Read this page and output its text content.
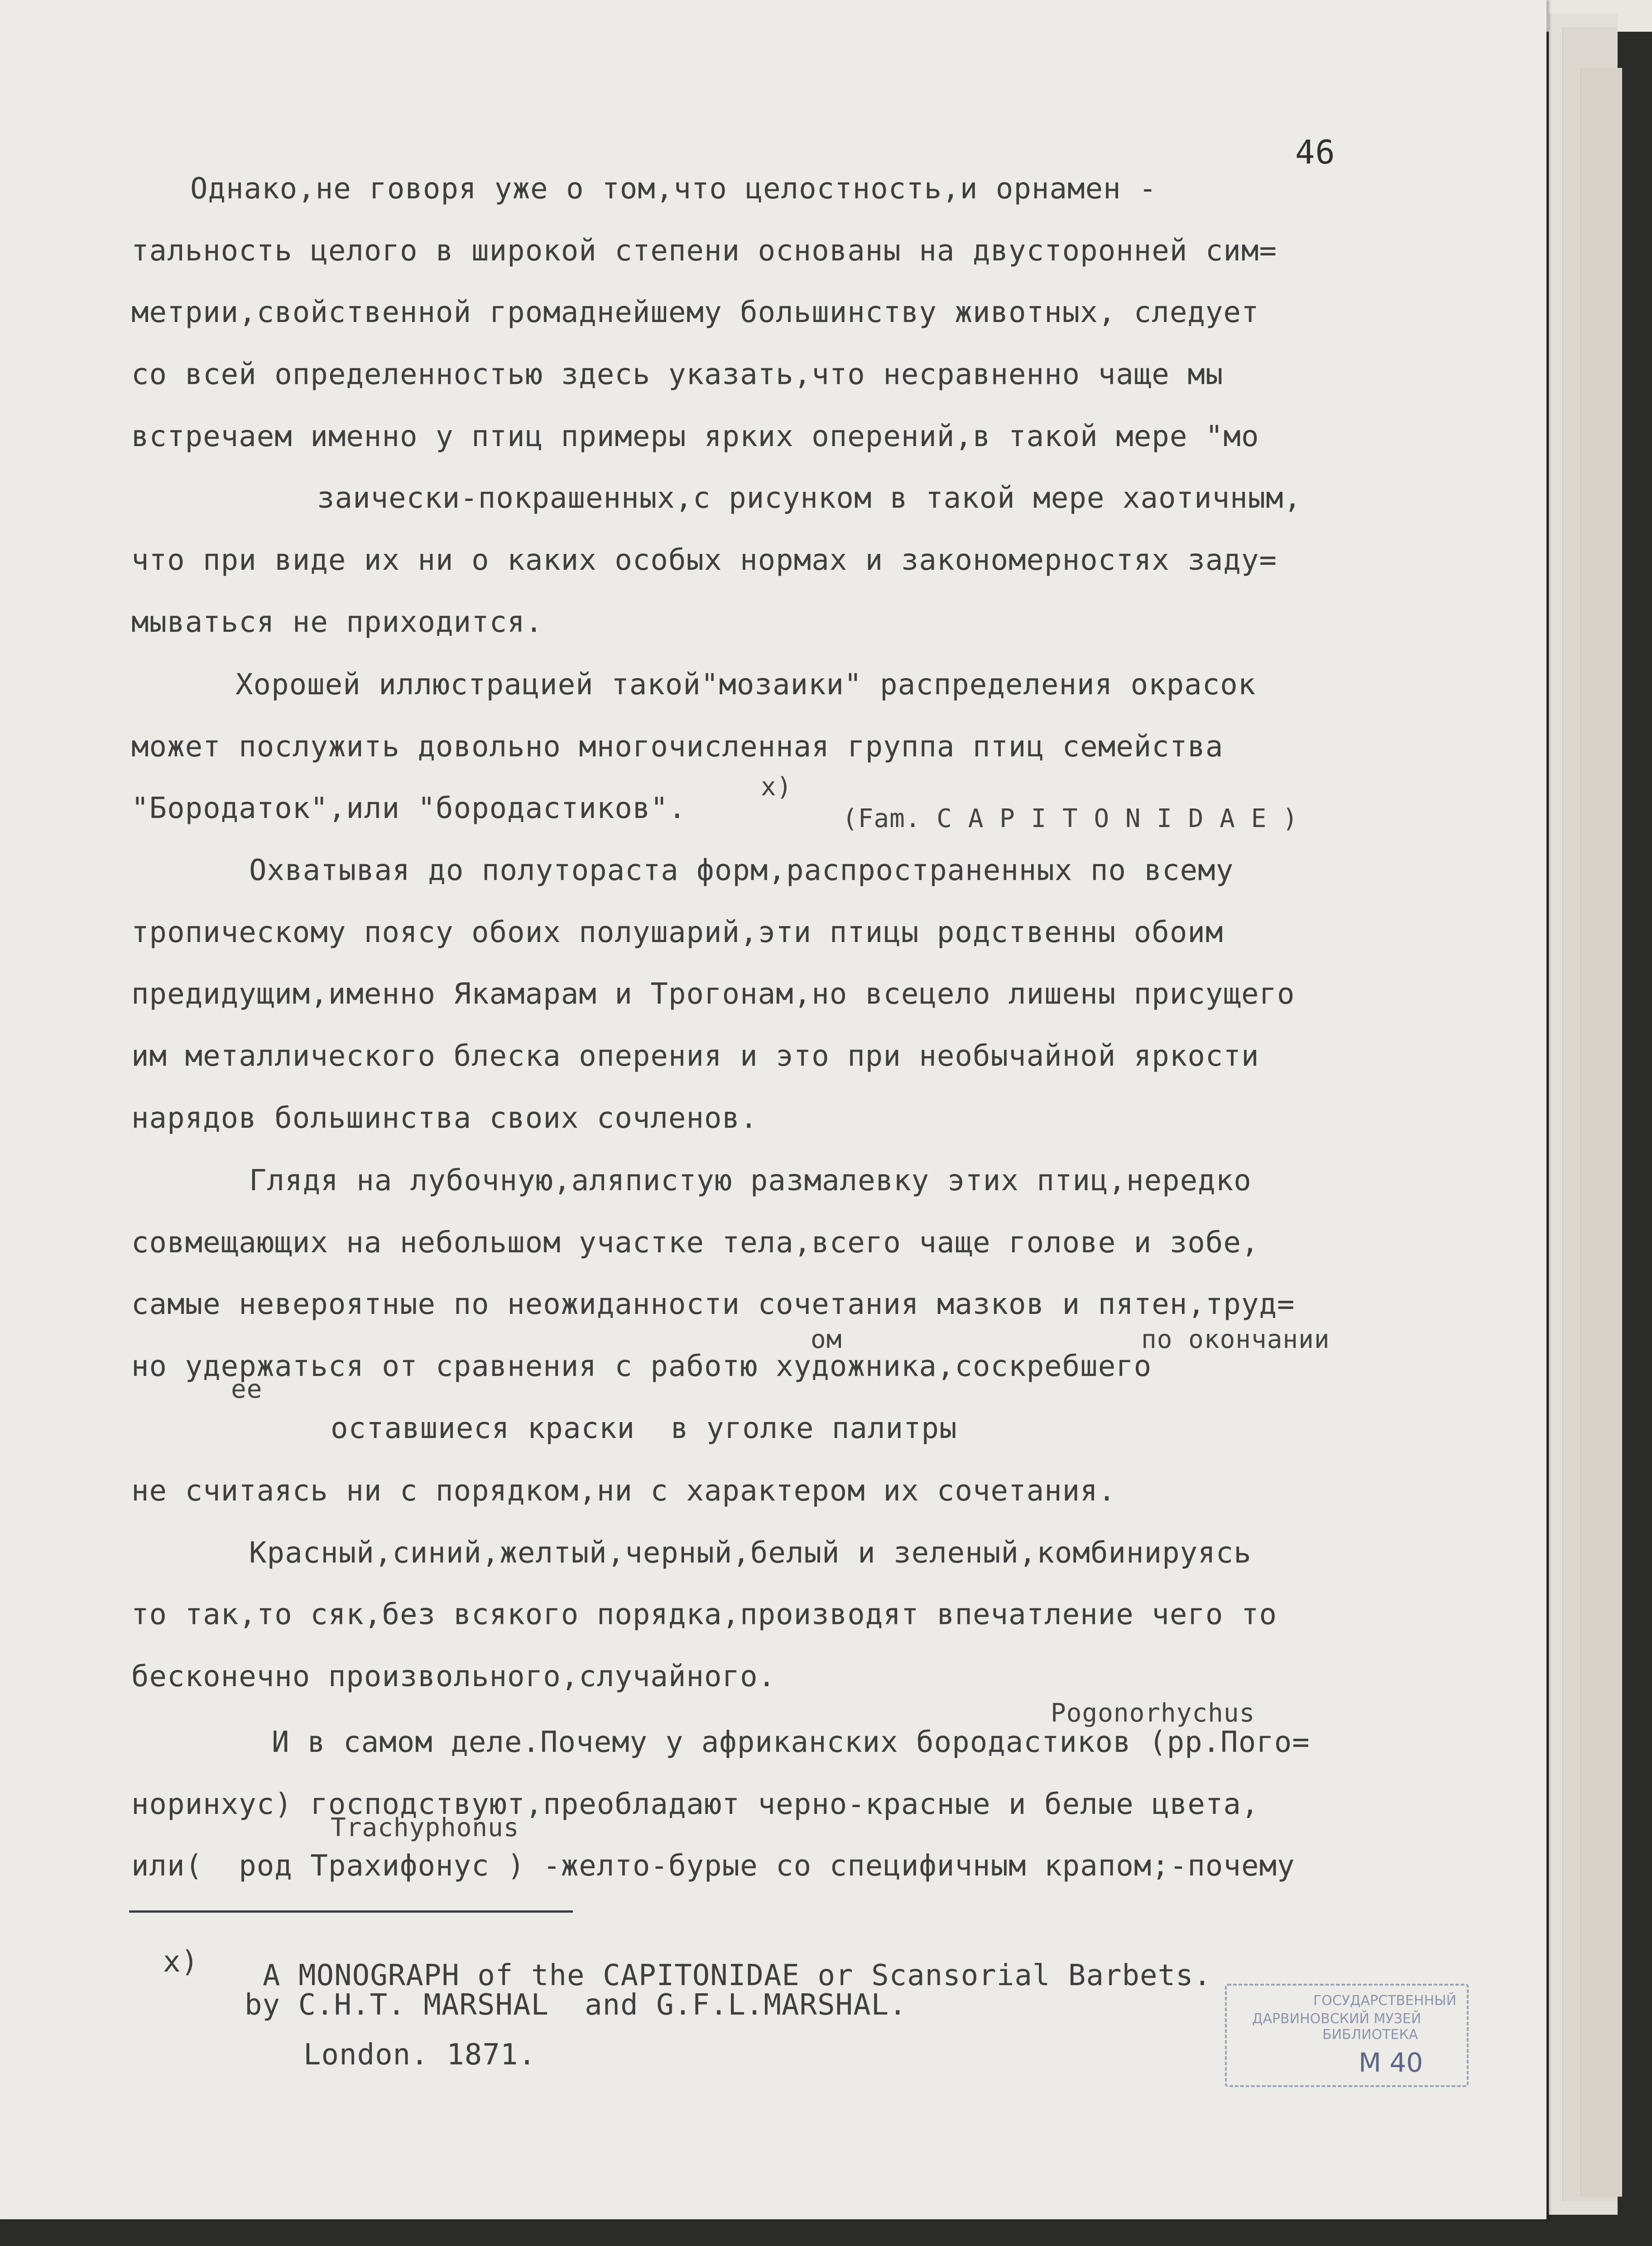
46
Однако,не говоря уже о том,что целостность,и орнамен -
тальность целого в широкой степени основаны на двусторонней сим=
метрии,свойственной громаднейшему большинству животных, следует
со всей определенностью здесь указать,что несравненно чаще мы
встречаем именно у птиц примеры ярких оперений,в такой мере "мо
заически-покрашенных,с рисунком в такой мере хаотичным,
что при виде их ни о каких особых нормах и закономерностях заду=
мываться не приходится.
Хорошей иллюстрацией такой"мозаики" распределения окрасок
может послужить довольно многочисленная группа птиц семейства
"Бородаток",или "бородастиков".
x)
(Fam. C A P I T O N I D A E )
Охватывая до полутораста форм,распространенных по всему
тропическому поясу обоих полушарий,эти птицы родственны обоим
предидущим,именно Якамарам и Трогонам,но всецело лишены присущего
им металлического блеска оперения и это при необычайной яркости
нарядов большинства своих сочленов.
Глядя на лубочную,аляпистую размалевку этих птиц,нередко
совмещающих на небольшом участке тела,всего чаще голове и зобе,
самые невероятные по неожиданности сочетания мазков и пятен,труд=
ом	по окончании
но удержаться от сравнения с работю художника,соскребшего
ее
оставшиеся краски  в уголке палитры
не считаясь ни с порядком,ни с характером их сочетания.
Красный,синий,желтый,черный,белый и зеленый,комбинируясь
то так,то сяк,без всякого порядка,производят впечатление чего то
бесконечно произвольного,случайного.
Pogonorhychus
И в самом деле.Почему у африканских бородастиков (рр.Пого=
норинхус) господствуют,преобладают черно-красные и белые цвета,
Trachyphonus
или(  род Трахифонус ) -желто-бурые со специфичным крапом;-почему
x) A MONOGRAPH of the CAPITONIDAE or Scansorial Barbets.
by C.H.T. MARSHAL  and G.F.L.MARSHAL.
London. 1871.
ГОСУДАРСТВЕННЫЙ
ДАРВИНОВСКИЙ МУЗЕЙ
БИБЛИОТЕКА
М 40
